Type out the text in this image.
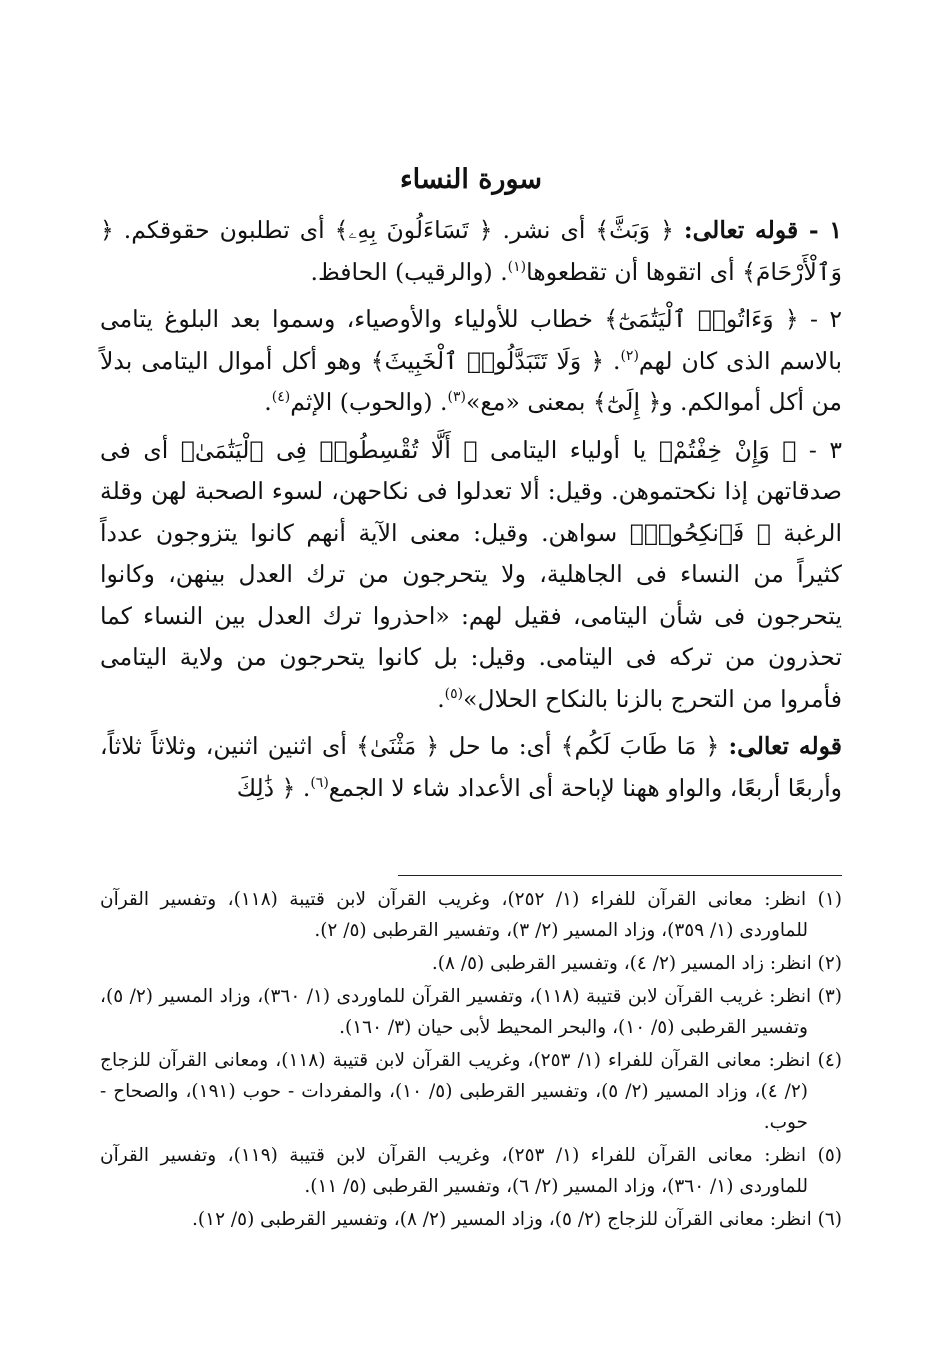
سورة النساء

١ - قوله تعالى: ﴿ وَبَثَّ﴾ أى نشر. ﴿ تَسَاءَلُونَ بِهِۦ﴾ أى تطلبون حقوقكم. ﴿ وَٱلْأَرْحَامَ﴾ أى اتقوها أن تقطعوها$^{(١)}$. (والرقيب) الحافظ.

٢ - ﴿ وَءَاتُوا۟ ٱلْيَتَٰمَىٰٓ﴾ خطاب للأولياء والأوصياء، وسموا بعد البلوغ يتامى بالاسم الذى كان لهم$^{(٢)}$. ﴿ وَلَا تَتَبَدَّلُوا۟ ٱلْخَبِيثَ﴾ وهو أكل أموال اليتامى بدلاً من أكل أموالكم. و﴿ إِلَىٰٓ﴾ بمعنى «مع»$^{(٣)}$. (والحوب) الإثم$^{(٤)}$.

٣ - ﴿ وَإِنْ خِفْتُمْ﴾ يا أولياء اليتامى ﴿ أَلَّا تُقْسِطُوا۟ فِى ٱلْيَتَٰمَىٰ﴾ أى فى صدقاتهن إذا نكحتموهن. وقيل: ألا تعدلوا فى نكاحهن، لسوء الصحبة لهن وقلة الرغبة ﴿ فَٱنكِحُوا۟﴾ سواهن. وقيل: معنى الآية أنهم كانوا يتزوجون عدداً كثيراً من النساء فى الجاهلية، ولا يتحرجون من ترك العدل بينهن، وكانوا يتحرجون فى شأن اليتامى، فقيل لهم: «احذروا ترك العدل بين النساء كما تحذرون من تركه فى اليتامى. وقيل: بل كانوا يتحرجون من ولاية اليتامى فأمروا من التحرج بالزنا بالنكاح الحلال»$^{(٥)}$.

قوله تعالى: ﴿ مَا طَابَ لَكُم﴾ أى: ما حل ﴿ مَثْنَىٰ﴾ أى اثنين اثنين، وثلاثاً ثلاثاً، وأربعًا أربعًا، والواو ههنا لإباحة أى الأعداد شاء لا الجمع$^{(٦)}$. ﴿ ذَٰلِكَ

(١) انظر: معانى القرآن للفراء (١/ ٢٥٢)، وغريب القرآن لابن قتيبة (١١٨)، وتفسير القرآن للماوردى (١/ ٣٥٩)، وزاد المسير (٢/ ٣)، وتفسير القرطبى (٥/ ٢).

(٢) انظر: زاد المسير (٢/ ٤)، وتفسير القرطبى (٥/ ٨).

(٣) انظر: غريب القرآن لابن قتيبة (١١٨)، وتفسير القرآن للماوردى (١/ ٣٦٠)، وزاد المسير (٢/ ٥)، وتفسير القرطبى (٥/ ١٠)، والبحر المحيط لأبى حيان (٣/ ١٦٠).

(٤) انظر: معانى القرآن للفراء (١/ ٢٥٣)، وغريب القرآن لابن قتيبة (١١٨)، ومعانى القرآن للزجاج (٢/ ٤)، وزاد المسير (٢/ ٥)، وتفسير القرطبى (٥/ ١٠)، والمفردات - حوب (١٩١)، والصحاح - حوب.

(٥) انظر: معانى القرآن للفراء (١/ ٢٥٣)، وغريب القرآن لابن قتيبة (١١٩)، وتفسير القرآن للماوردى (١/ ٣٦٠)، وزاد المسير (٢/ ٦)، وتفسير القرطبى (٥/ ١١).

(٦) انظر: معانى القرآن للزجاج (٢/ ٥)، وزاد المسير (٢/ ٨)، وتفسير القرطبى (٥/ ١٢).
